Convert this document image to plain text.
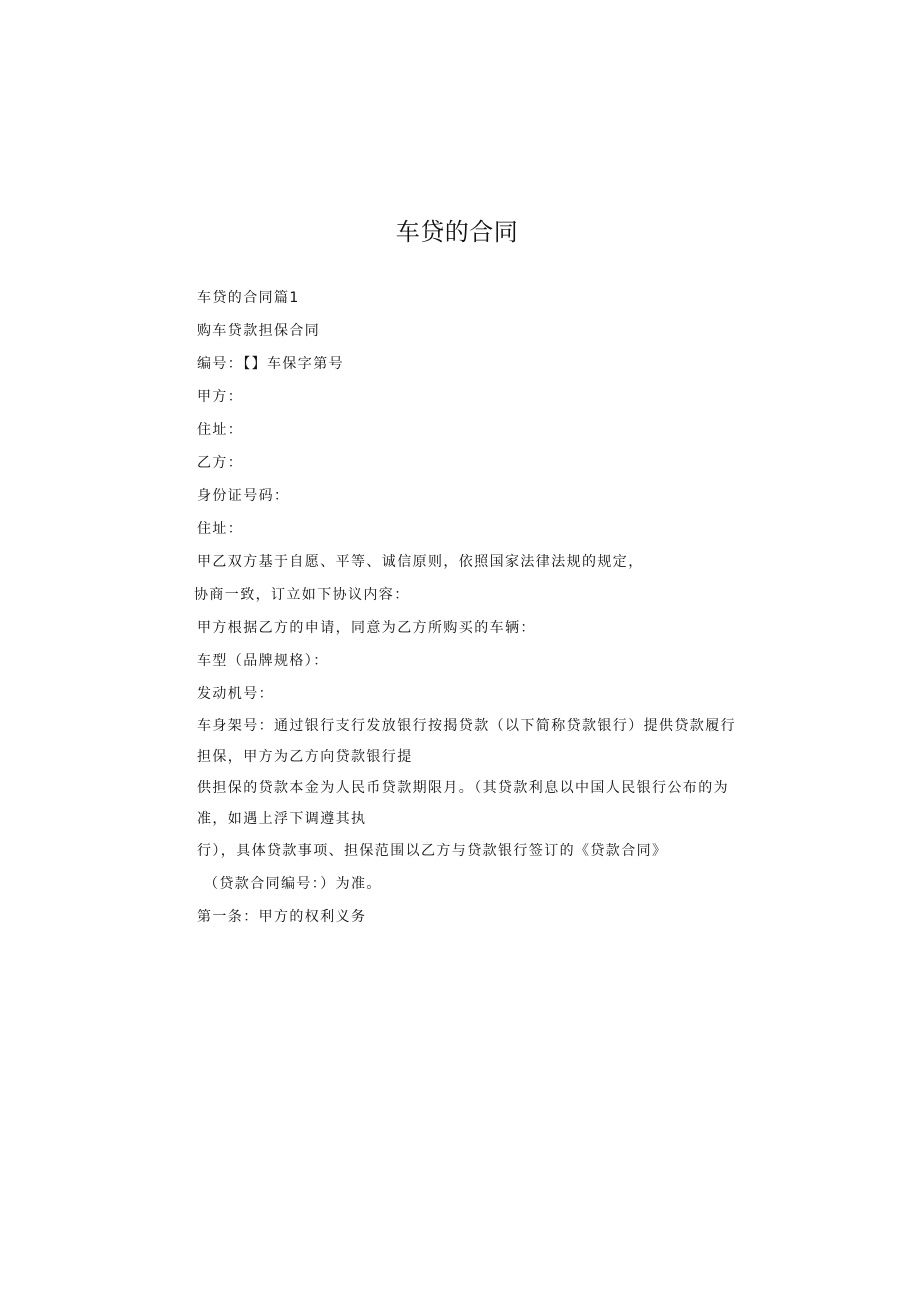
车贷的合同

车贷的合同篇1

购车贷款担保合同

编号：【】车保字第号

甲方：

住址：

乙方：

身份证号码：

住址：

甲乙双方基于自愿、平等、诚信原则，依照国家法律法规的规定，

协商一致，订立如下协议内容：

甲方根据乙方的申请，同意为乙方所购买的车辆：

车型（品牌规格）：

发动机号：

车身架号：通过银行支行发放银行按揭贷款（以下简称贷款银行）提供贷款履行担保，甲方为乙方向贷款银行提

供担保的贷款本金为人民币贷款期限月。（其贷款利息以中国人民银行公布的为准，如遇上浮下调遵其执

行），具体贷款事项、担保范围以乙方与贷款银行签订的《贷款合同》

（贷款合同编号：）为准。

第一条：甲方的权利义务
